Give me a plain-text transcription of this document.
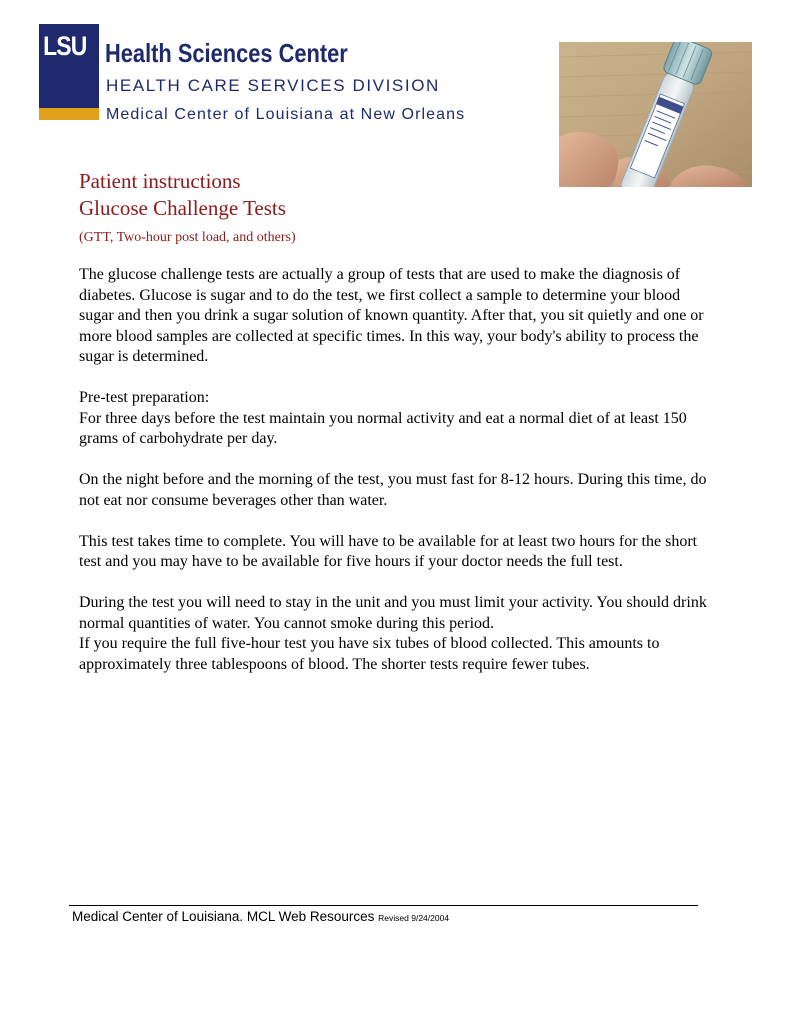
LSU Health Sciences Center
HEALTH CARE SERVICES DIVISION
Medical Center of Louisiana at New Orleans
Patient instructions
Glucose Challenge Tests
(GTT, Two-hour post load, and others)

The glucose challenge tests are actually a group of tests that are used to make the diagnosis of diabetes. Glucose is sugar and to do the test, we first collect a sample to determine your blood sugar and then you drink a sugar solution of known quantity. After that, you sit quietly and one or more blood samples are collected at specific times. In this way, your body's ability to process the sugar is determined.

Pre-test preparation:

For three days before the test maintain you normal activity and eat a normal diet of at least 150 grams of carbohydrate per day.

On the night before and the morning of the test, you must fast for 8-12 hours. During this time, do not eat nor consume beverages other than water.

This test takes time to complete. You will have to be available for at least two hours for the short test and you may have to be available for five hours if your doctor needs the full test.

During the test you will need to stay in the unit and you must limit your activity. You should drink normal quantities of water. You cannot smoke during this period.

If you require the full five-hour test you have six tubes of blood collected. This amounts to approximately three tablespoons of blood. The shorter tests require fewer tubes.

Medical Center of Louisiana. MCL Web Resources Revised 9/24/2004
